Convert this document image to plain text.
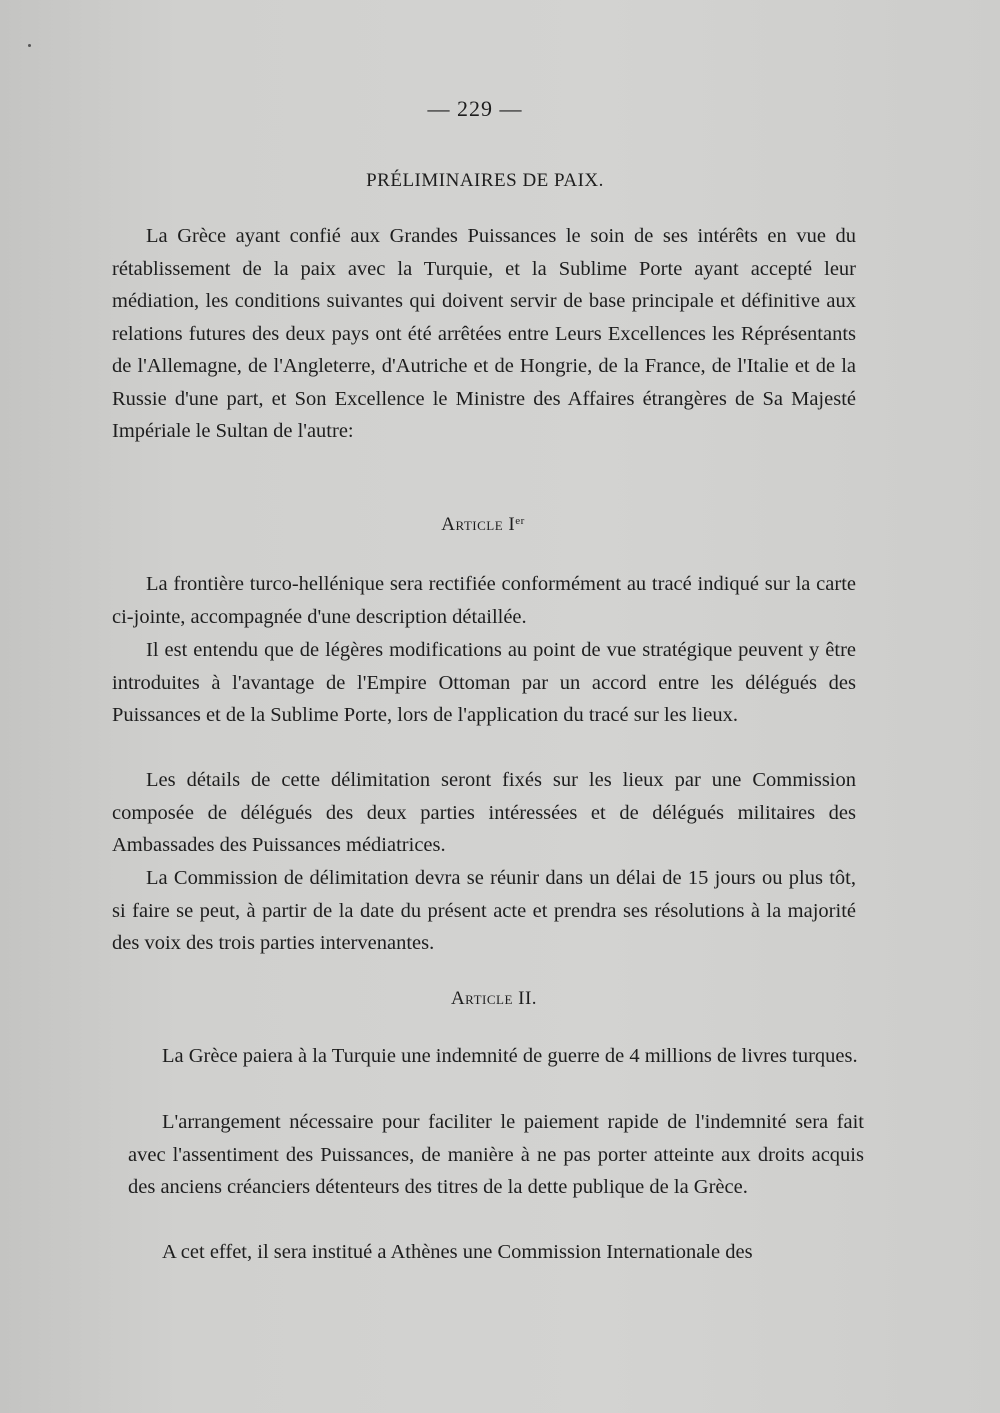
— 229 —
PRÉLIMINAIRES DE PAIX.

La Grèce ayant confié aux Grandes Puissances le soin de ses intérêts en vue du rétablissement de la paix avec la Turquie, et la Sublime Porte ayant accepté leur médiation, les conditions suivantes qui doivent servir de base principale et définitive aux relations futures des deux pays ont été arrêtées entre Leurs Excellences les Réprésentants de l'Allemagne, de l'Angleterre, d'Autriche et de Hongrie, de la France, de l'Italie et de la Russie d'une part, et Son Excellence le Ministre des Affaires étrangères de Sa Majesté Impériale le Sultan de l'autre:

Article Ier

La frontière turco-hellénique sera rectifiée conformément au tracé indiqué sur la carte ci-jointe, accompagnée d'une description détaillée.

Il est entendu que de légères modifications au point de vue stratégique peuvent y être introduites à l'avantage de l'Empire Ottoman par un accord entre les délégués des Puissances et de la Sublime Porte, lors de l'application du tracé sur les lieux.

Les détails de cette délimitation seront fixés sur les lieux par une Commission composée de délégués des deux parties intéressées et de délégués militaires des Ambassades des Puissances médiatrices.

La Commission de délimitation devra se réunir dans un délai de 15 jours ou plus tôt, si faire se peut, à partir de la date du présent acte et prendra ses résolutions à la majorité des voix des trois parties intervenantes.

Article II.

La Grèce paiera à la Turquie une indemnité de guerre de 4 millions de livres turques.

L'arrangement nécessaire pour faciliter le paiement rapide de l'indemnité sera fait avec l'assentiment des Puissances, de manière à ne pas porter atteinte aux droits acquis des anciens créanciers détenteurs des titres de la dette publique de la Grèce.

A cet effet, il sera institué a Athènes une Commission Internationale des
